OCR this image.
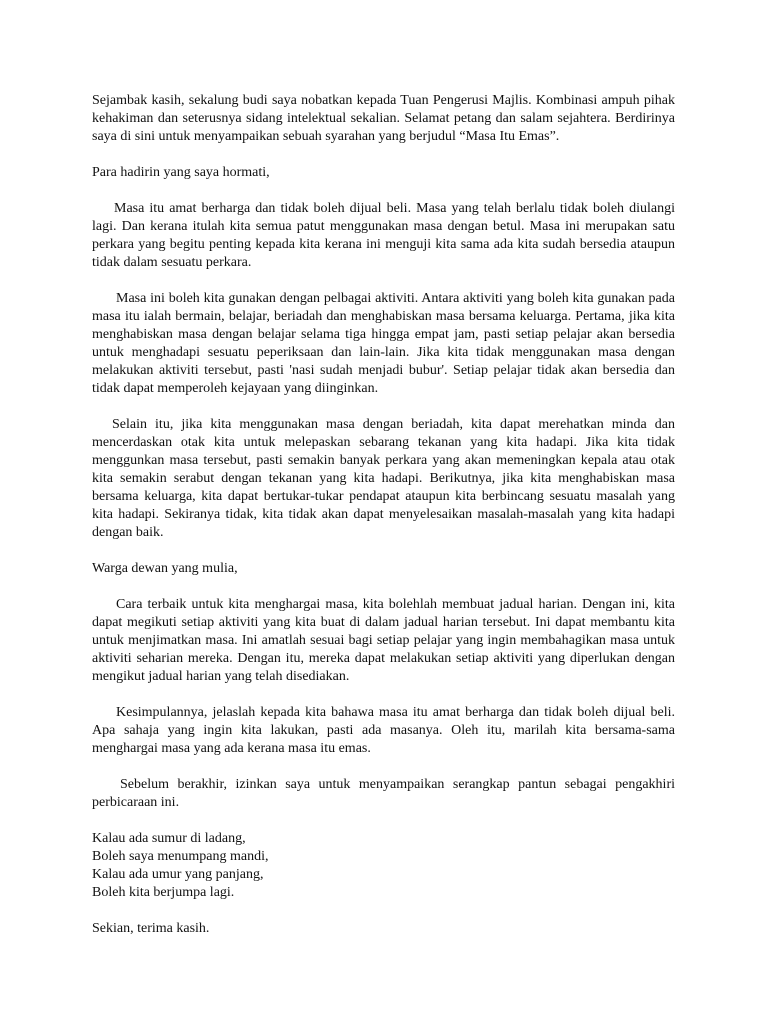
Sejambak kasih, sekalung budi saya nobatkan kepada Tuan Pengerusi Majlis. Kombinasi ampuh pihak kehakiman dan seterusnya sidang intelektual sekalian. Selamat petang dan salam sejahtera. Berdirinya saya di sini untuk menyampaikan sebuah syarahan yang berjudul “Masa Itu Emas”.

Para hadirin yang saya hormati,

Masa itu amat berharga dan tidak boleh dijual beli. Masa yang telah berlalu tidak boleh diulangi lagi. Dan kerana itulah kita semua patut menggunakan masa dengan betul. Masa ini merupakan satu perkara yang begitu penting kepada kita kerana ini menguji kita sama ada kita sudah bersedia ataupun tidak dalam sesuatu perkara.

Masa ini boleh kita gunakan dengan pelbagai aktiviti. Antara aktiviti yang boleh kita gunakan pada masa itu ialah bermain, belajar, beriadah dan menghabiskan masa bersama keluarga. Pertama, jika kita menghabiskan masa dengan belajar selama tiga hingga empat jam, pasti setiap pelajar akan bersedia untuk menghadapi sesuatu peperiksaan dan lain-lain. Jika kita tidak menggunakan masa dengan melakukan aktiviti tersebut, pasti 'nasi sudah menjadi bubur'. Setiap pelajar tidak akan bersedia dan tidak dapat memperoleh kejayaan yang diinginkan.

Selain itu, jika kita menggunakan masa dengan beriadah, kita dapat merehatkan minda dan mencerdaskan otak kita untuk melepaskan sebarang tekanan yang kita hadapi. Jika kita tidak menggunkan masa tersebut, pasti semakin banyak perkara yang akan memeningkan kepala atau otak kita semakin serabut dengan tekanan yang kita hadapi. Berikutnya, jika kita menghabiskan masa bersama keluarga, kita dapat bertukar-tukar pendapat ataupun kita berbincang sesuatu masalah yang kita hadapi. Sekiranya tidak, kita tidak akan dapat menyelesaikan masalah-masalah yang kita hadapi dengan baik.

Warga dewan yang mulia,

Cara terbaik untuk kita menghargai masa, kita bolehlah membuat jadual harian. Dengan ini, kita dapat megikuti setiap aktiviti yang kita buat di dalam jadual harian tersebut. Ini dapat membantu kita untuk menjimatkan masa. Ini amatlah sesuai bagi setiap pelajar yang ingin membahagikan masa untuk aktiviti seharian mereka. Dengan itu, mereka dapat melakukan setiap aktiviti yang diperlukan dengan mengikut jadual harian yang telah disediakan.

Kesimpulannya, jelaslah kepada kita bahawa masa itu amat berharga dan tidak boleh dijual beli. Apa sahaja yang ingin kita lakukan, pasti ada masanya. Oleh itu, marilah kita bersama-sama menghargai masa yang ada kerana masa itu emas.

Sebelum berakhir, izinkan saya untuk menyampaikan serangkap pantun sebagai pengakhiri perbicaraan ini.

Kalau ada sumur di ladang,
Boleh saya menumpang mandi,
Kalau ada umur yang panjang,
Boleh kita berjumpa lagi.

Sekian, terima kasih.
